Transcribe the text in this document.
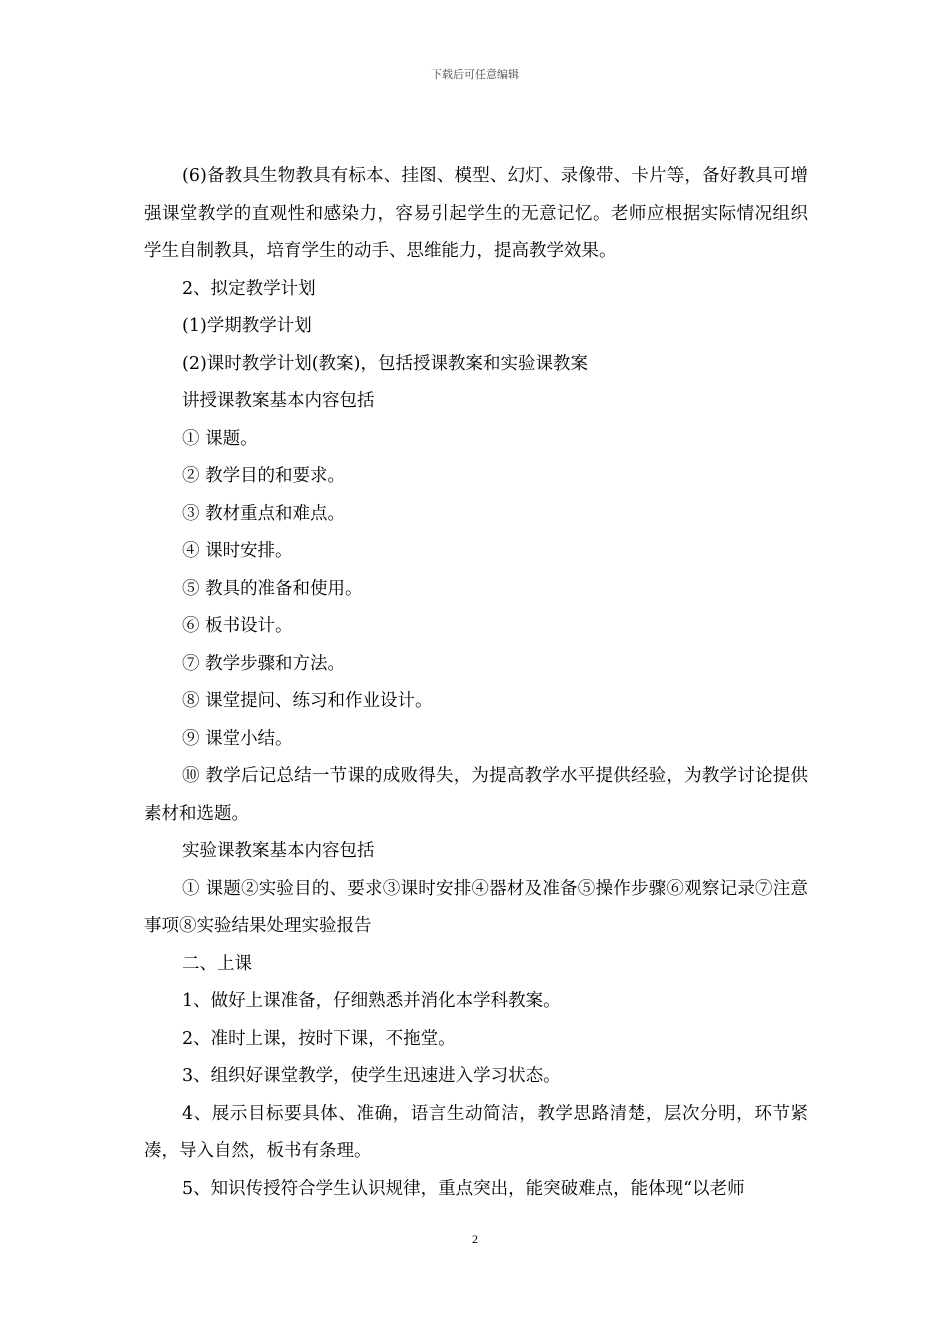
下载后可任意编辑

(6)备教具生物教具有标本、挂图、模型、幻灯、录像带、卡片等，备好教具可增强课堂教学的直观性和感染力，容易引起学生的无意记忆。老师应根据实际情况组织学生自制教具，培育学生的动手、思维能力，提高教学效果。

2、拟定教学计划

(1)学期教学计划

(2)课时教学计划(教案)，包括授课教案和实验课教案

讲授课教案基本内容包括

① 课题。

② 教学目的和要求。

③ 教材重点和难点。

④ 课时安排。

⑤ 教具的准备和使用。

⑥ 板书设计。

⑦ 教学步骤和方法。

⑧ 课堂提问、练习和作业设计。

⑨ 课堂小结。

⑩ 教学后记总结一节课的成败得失，为提高教学水平提供经验，为教学讨论提供素材和选题。

实验课教案基本内容包括

① 课题②实验目的、要求③课时安排④器材及准备⑤操作步骤⑥观察记录⑦注意事项⑧实验结果处理实验报告

二、上课

1、做好上课准备，仔细熟悉并消化本学科教案。

2、准时上课，按时下课，不拖堂。

3、组织好课堂教学，使学生迅速进入学习状态。

4、展示目标要具体、准确，语言生动简洁，教学思路清楚，层次分明，环节紧凑，导入自然，板书有条理。

5、知识传授符合学生认识规律，重点突出，能突破难点，能体现“以老师

2
